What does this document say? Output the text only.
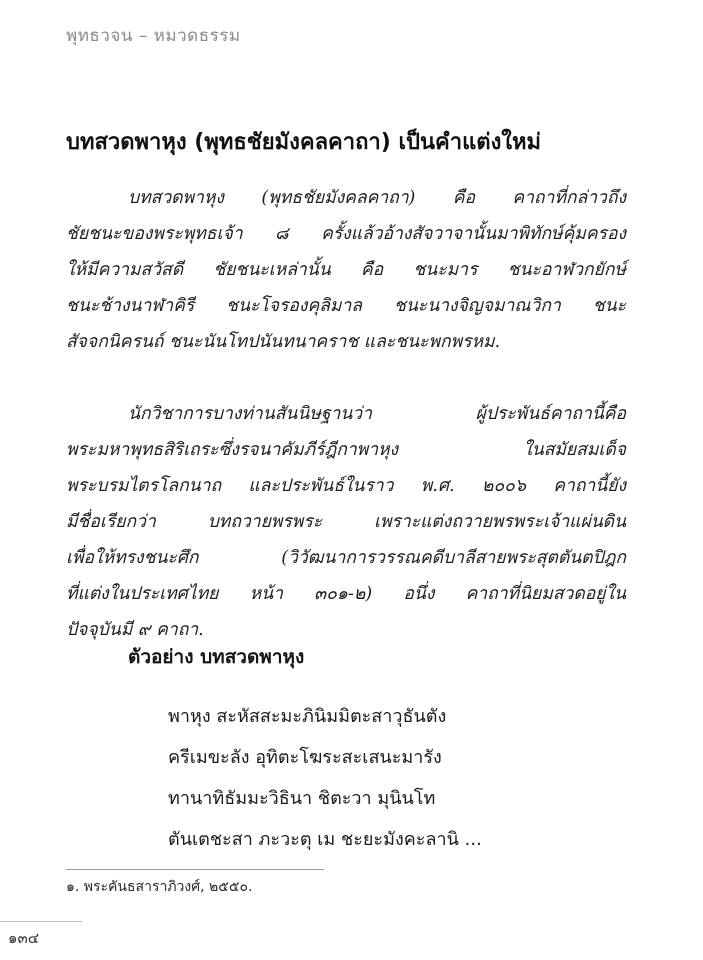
พุทธวจน – หมวดธรรม
บทสวดพาหุง (พุทธชัยมังคลคาถา) เป็นคำแต่งใหม่
บทสวดพาหุง (พุทธชัยมังคลคาถา) คือ คาถาที่กล่าวถึง
ชัยชนะของพระพุทธเจ้า ๘ ครั้งแล้วอ้างสัจวาจานั้นมาพิทักษ์คุ้มครอง
ให้มีความสวัสดี ชัยชนะเหล่านั้น คือ ชนะมาร ชนะอาฬวกยักษ์
ชนะช้างนาฬาคิรี ชนะโจรองคุลิมาล ชนะนางจิญจมาณวิกา ชนะ
สัจจกนิครนถ์ ชนะนันโทปนันทนาคราช และชนะพกพรหม.
นักวิชาการบางท่านสันนิษฐานว่า ผู้ประพันธ์คาถานี้คือ
พระมหาพุทธสิริเถระซึ่งรจนาคัมภีร์ฎีกาพาหุง ในสมัยสมเด็จ
พระบรมไตรโลกนาถ และประพันธ์ในราว พ.ศ. ๒๐๐๖ คาถานี้ยัง
มีชื่อเรียกว่า บทถวายพรพระ เพราะแต่งถวายพรพระเจ้าแผ่นดิน
เพื่อให้ทรงชนะศึก (วิวัฒนาการวรรณคดีบาลีสายพระสุตตันตปิฎก
ที่แต่งในประเทศไทย หน้า ๓๐๑-๒) อนึ่ง คาถาที่นิยมสวดอยู่ใน
ปัจจุบันมี ๙ คาถา.
ตัวอย่าง บทสวดพาหุง
พาหุง สะหัสสะมะภินิมมิตะสาวุธันตัง
ครีเมขะลัง อุทิตะโฆระสะเสนะมารัง
ทานาทิธัมมะวิธินา ชิตะวา มุนินโท
ตันเตชะสา ภะวะตุ เม ชะยะมังคะลานิ ...
๑. พระคันธสาราภิวงศ์, ๒๕๕๐.
๑๓๔
